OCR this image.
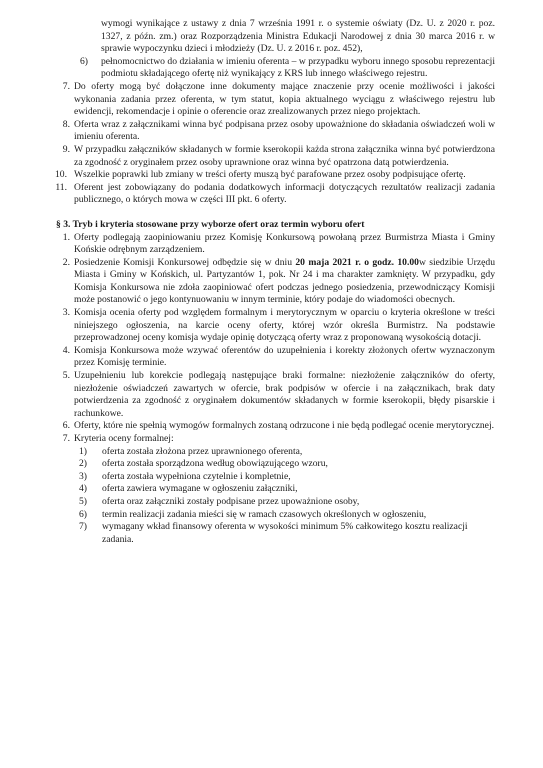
wymogi wynikające z ustawy z dnia 7 września 1991 r. o systemie oświaty (Dz. U. z 2020 r. poz. 1327, z późn. zm.) oraz Rozporządzenia Ministra Edukacji Narodowej z dnia 30 marca 2016 r. w sprawie wypoczynku dzieci i młodzieży (Dz. U. z 2016 r. poz. 452),
6) pełnomocnictwo do działania w imieniu oferenta – w przypadku wyboru innego sposobu reprezentacji podmiotu składającego ofertę niż wynikający z KRS lub innego właściwego rejestru.
7. Do oferty mogą być dołączone inne dokumenty mające znaczenie przy ocenie możliwości i jakości wykonania zadania przez oferenta, w tym statut, kopia aktualnego wyciągu z właściwego rejestru lub ewidencji, rekomendacje i opinie o oferencie oraz zrealizowanych przez niego projektach.
8. Oferta wraz z załącznikami winna być podpisana przez osoby upoważnione do składania oświadczeń woli w imieniu oferenta.
9. W przypadku załączników składanych w formie kserokopii każda strona załącznika winna być potwierdzona za zgodność z oryginałem przez osoby uprawnione oraz winna być opatrzona datą potwierdzenia.
10. Wszelkie poprawki lub zmiany w treści oferty muszą być parafowane przez osoby podpisujące ofertę.
11. Oferent jest zobowiązany do podania dodatkowych informacji dotyczących rezultatów realizacji zadania publicznego, o których mowa w części III pkt. 6 oferty.
§ 3. Tryb i kryteria stosowane przy wyborze ofert oraz termin wyboru ofert
1. Oferty podlegają zaopiniowaniu przez Komisję Konkursową powołaną przez Burmistrza Miasta i Gminy Końskie odrębnym zarządzeniem.
2. Posiedzenie Komisji Konkursowej odbędzie się w dniu 20 maja 2021 r. o godz. 10.00w siedzibie Urzędu Miasta i Gminy w Końskich, ul. Partyzantów 1, pok. Nr 24 i ma charakter zamknięty. W przypadku, gdy Komisja Konkursowa nie zdoła zaopiniować ofert podczas jednego posiedzenia, przewodniczący Komisji może postanowić o jego kontynuowaniu w innym terminie, który podaje do wiadomości obecnych.
3. Komisja ocenia oferty pod względem formalnym i merytorycznym w oparciu o kryteria określone w treści niniejszego ogłoszenia, na karcie oceny oferty, której wzór określa Burmistrz. Na podstawie przeprowadzonej oceny komisja wydaje opinię dotyczącą oferty wraz z proponowaną wysokością dotacji.
4. Komisja Konkursowa może wzywać oferentów do uzupełnienia i korekty złożonych ofertw wyznaczonym przez Komisję terminie.
5. Uzupełnieniu lub korekcie podlegają następujące braki formalne: niezłożenie załączników do oferty, niezłożenie oświadczeń zawartych w ofercie, brak podpisów w ofercie i na załącznikach, brak daty potwierdzenia za zgodność z oryginałem dokumentów składanych w formie kserokopii, błędy pisarskie i rachunkowe.
6. Oferty, które nie spełnią wymogów formalnych zostaną odrzucone i nie będą podlegać ocenie merytorycznej.
7. Kryteria oceny formalnej:
1) oferta została złożona przez uprawnionego oferenta,
2) oferta została sporządzona według obowiązującego wzoru,
3) oferta została wypełniona czytelnie i kompletnie,
4) oferta zawiera wymagane w ogłoszeniu załączniki,
5) oferta oraz załączniki zostały podpisane przez upoważnione osoby,
6) termin realizacji zadania mieści się w ramach czasowych określonych w ogłoszeniu,
7) wymagany wkład finansowy oferenta w wysokości minimum 5% całkowitego kosztu realizacji zadania.
